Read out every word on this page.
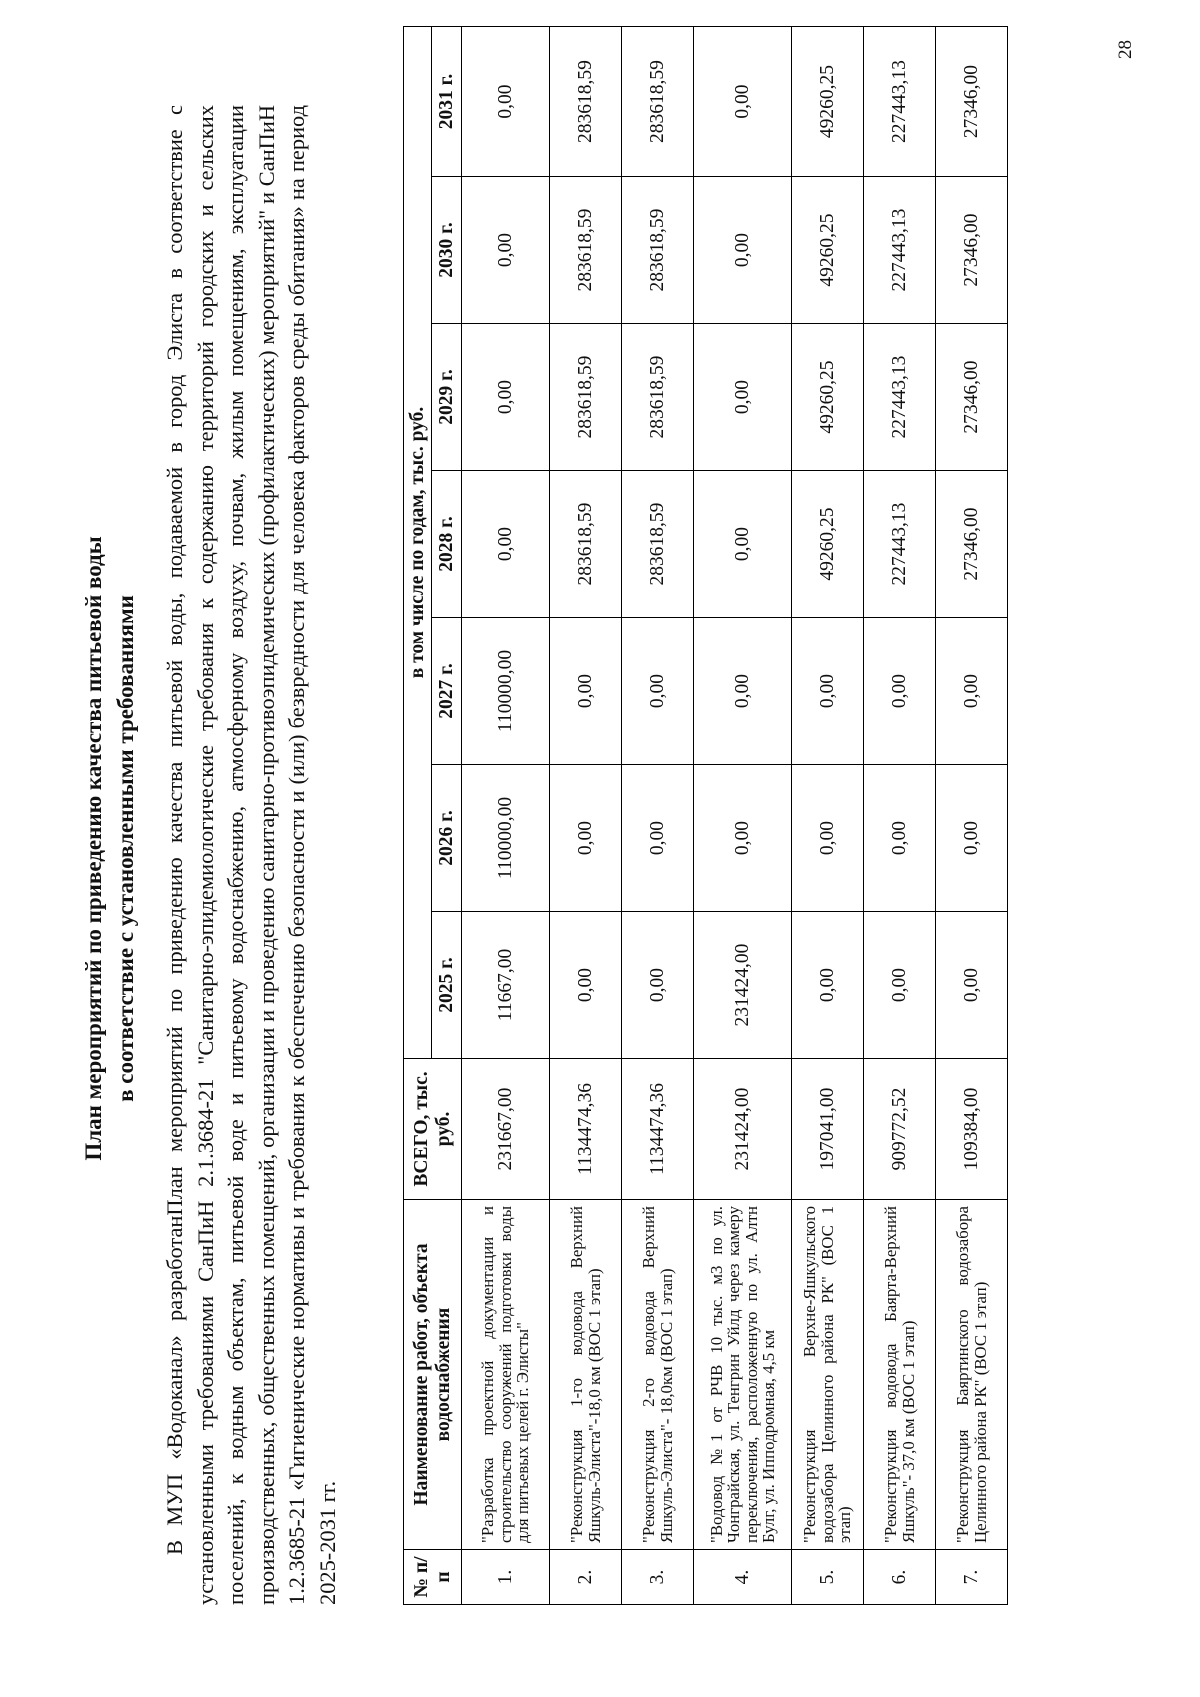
План мероприятий по приведению качества питьевой воды в соответствие с установленными требованиями В МУП «Водоканал» разработанПлан мероприятий по приведению качества питьевой воды, подаваемой в город Элиста в соответствие с установленными требованиями СанПиН 2.1.3684-21 "Санитарно-эпидемиологические требования к содержанию территорий городских и сельских поселений, к водным объектам, питьевой воде и питьевому водоснабжению, атмосферному воздуху, почвам, жилым помещениям, эксплуатации производственных, общественных помещений, организации и проведению санитарно-противоэпидемических (профилактических) мероприятий" и СанПиН 1.2.3685-21 «Гигиенические нормативы и требования к обеспечению безопасности и (или) безвредности для человека факторов среды обитания» на период 2025-2031 гг.	№ п/п	Наименование работ, объекта водоснабжения	ВСЕГО, тыс. руб.	в том числе по годам, тыс. руб.						
			2025 г.	2026 г.	2027 г.	2028 г.	2029 г.	2030 г.	2031 г.
1.	"Разработка проектной документации и строительство сооружений подготовки воды для питьевых целей г. Элисты"	231667,00	11667,00	110000,00	110000,00	0,00	0,00	0,00	0,00
2.	"Реконструкция 1-го водовода Верхний Яшкуль-Элиста"-18,0 км (ВОС 1 этап)	1134474,36	0,00	0,00	0,00	283618,59	283618,59	283618,59	283618,59
3.	"Реконструкция 2-го водовода Верхний Яшкуль-Элиста"- 18,0км (ВОС 1 этап)	1134474,36	0,00	0,00	0,00	283618,59	283618,59	283618,59	283618,59
4.	"Водовод №1 от РЧВ 10 тыс. м3 по ул. Чонграйская, ул. Тенгрин Уйлд через камеру переключения, расположенную по ул. Алтн Булг, ул. Ипподромная, 4,5 км	231424,00	231424,00	0,00	0,00	0,00	0,00	0,00	0,00
5.	"Реконструкция Верхне-Яшкульского водозабора Целинного района РК" (ВОС 1 этап)	197041,00	0,00	0,00	0,00	49260,25	49260,25	49260,25	49260,25
6.	"Реконструкция водовода Баярта-Верхний Яшкуль"- 37,0 км (ВОС 1 этап)	909772,52	0,00	0,00	0,00	227443,13	227443,13	227443,13	227443,13
7.	"Реконструкция Баяртинского водозабора Целинного района РК" (ВОС 1 этап)	109384,00	0,00	0,00	0,00	27346,00	27346,00	27346,00	27346,00
28
